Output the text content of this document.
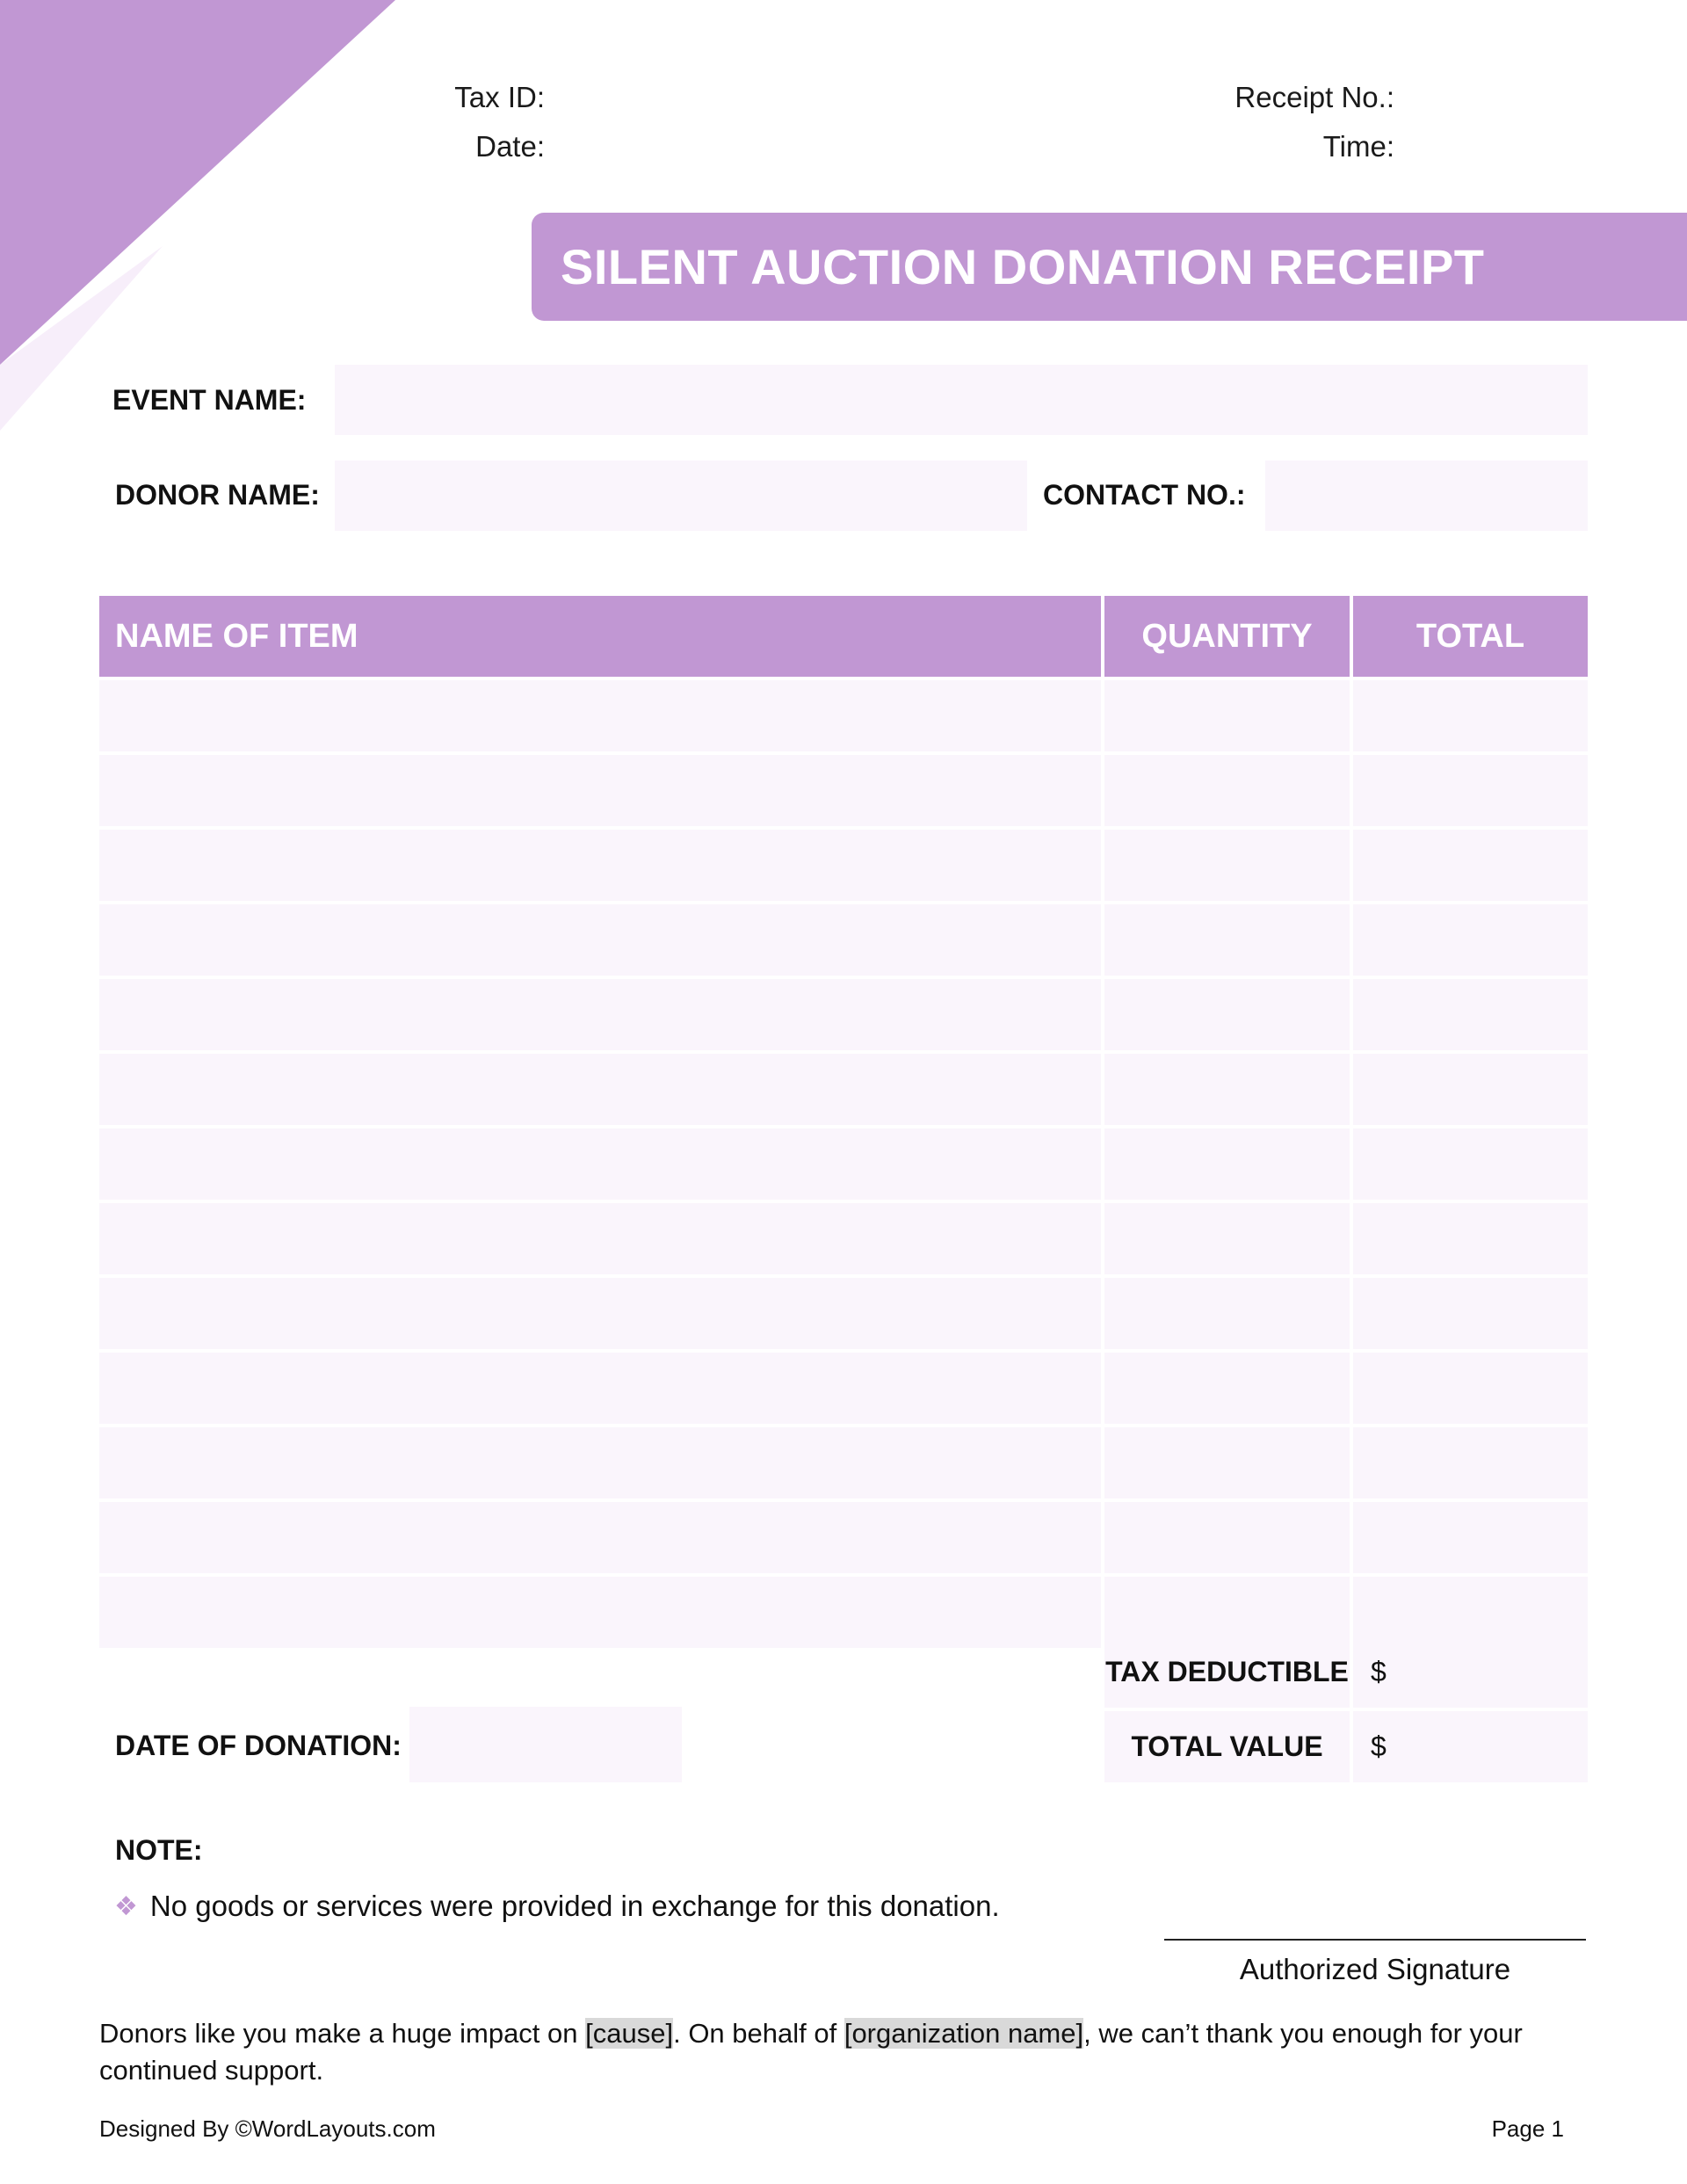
Tax ID:
Date:
Receipt No.:
Time:
SILENT AUCTION DONATION RECEIPT
EVENT NAME:
DONOR NAME:	CONTACT NO.:
NAME OF ITEM	QUANTITY	TOTAL
TAX DEDUCTIBLE $
TOTAL VALUE	$
DATE OF DONATION:
NOTE:
❖ No goods or services were provided in exchange for this donation.
Authorized Signature
Donors like you make a huge impact on [cause]. On behalf of [organization name], we can’t thank you enough for your continued support.
Designed By ©WordLayouts.com	Page 1
